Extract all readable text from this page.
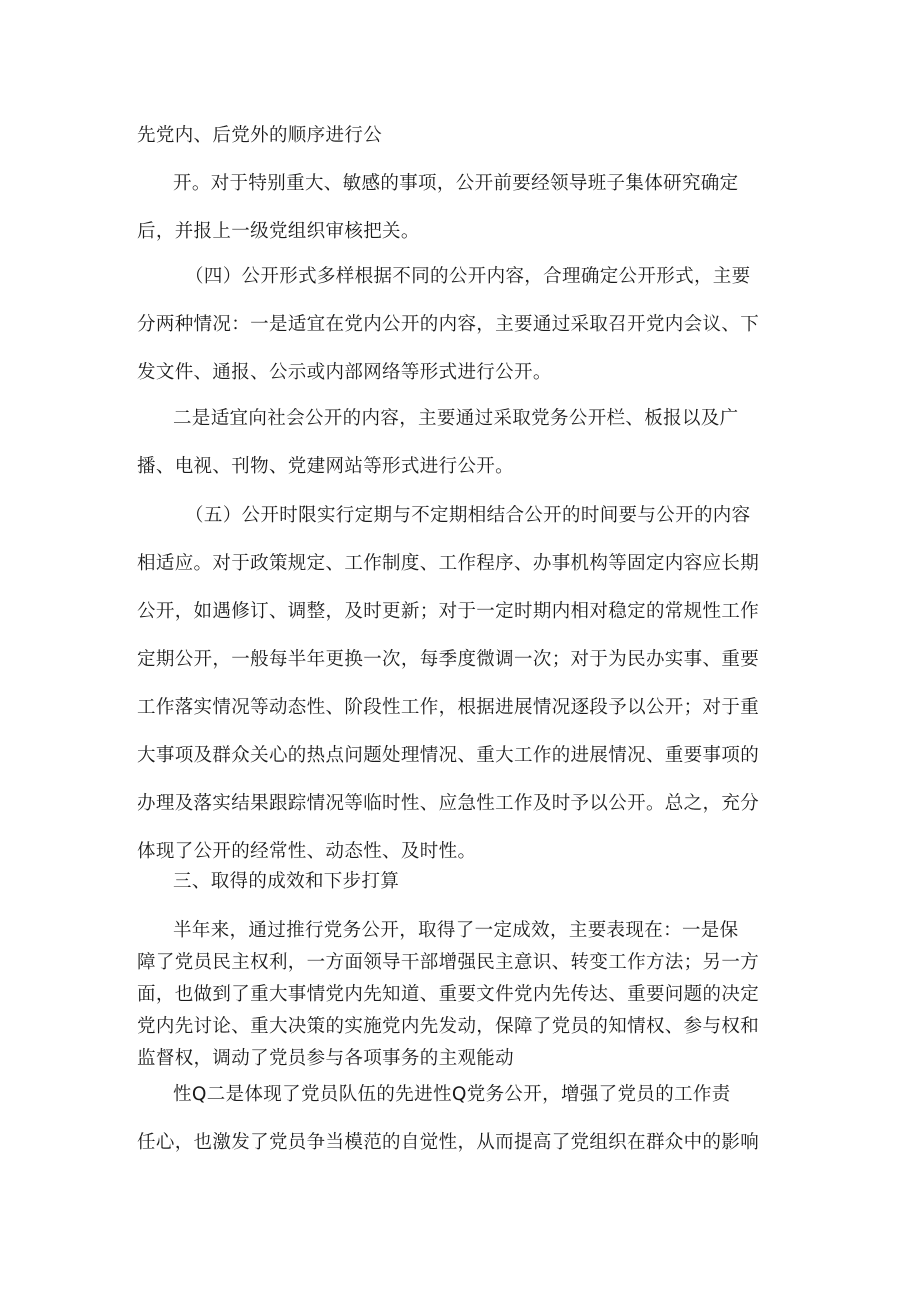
先党内、后党外的顺序进行公
开。对于特别重大、敏感的事项，公开前要经领导班子集体研究确定
后，并报上一级党组织审核把关。
（四）公开形式多样根据不同的公开内容，合理确定公开形式，主要
分两种情况：一是适宜在党内公开的内容，主要通过采取召开党内会议、下
发文件、通报、公示或内部网络等形式进行公开。
二是适宜向社会公开的内容，主要通过采取党务公开栏、板报以及广
播、电视、刊物、党建网站等形式进行公开。
（五）公开时限实行定期与不定期相结合公开的时间要与公开的内容
相适应。对于政策规定、工作制度、工作程序、办事机构等固定内容应长期
公开，如遇修订、调整，及时更新；对于一定时期内相对稳定的常规性工作
定期公开，一般每半年更换一次，每季度微调一次；对于为民办实事、重要
工作落实情况等动态性、阶段性工作，根据进展情况逐段予以公开；对于重
大事项及群众关心的热点问题处理情况、重大工作的进展情况、重要事项的
办理及落实结果跟踪情况等临时性、应急性工作及时予以公开。总之，充分
体现了公开的经常性、动态性、及时性。
三、取得的成效和下步打算
半年来，通过推行党务公开，取得了一定成效，主要表现在：一是保
障了党员民主权利，一方面领导干部增强民主意识、转变工作方法；另一方
面，也做到了重大事情党内先知道、重要文件党内先传达、重要问题的决定
党内先讨论、重大决策的实施党内先发动，保障了党员的知情权、参与权和
监督权，调动了党员参与各项事务的主观能动
性Q二是体现了党员队伍的先进性Q党务公开，增强了党员的工作责
任心，也激发了党员争当模范的自觉性，从而提高了党组织在群众中的影响
